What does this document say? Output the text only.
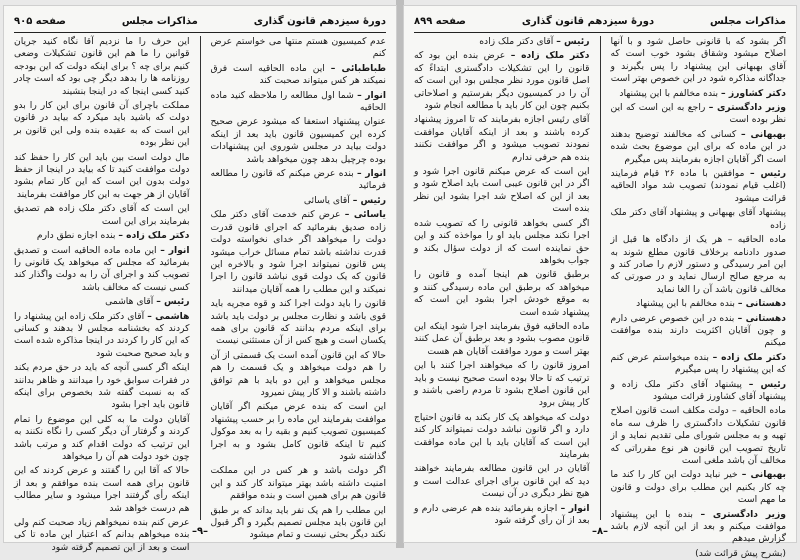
دورهٔ سیزدهم قانون گذاری
مذاکرات مجلس
صفحه ۹۰۵

عدم کمیسیون هستم منتها می خواستم عرض کنم

طباطبائی – این ماده الحاقیه است فرق نمیکند هر کس میتواند صحبت کند

انوار – شما اول مطالعه را ملاحظه کنید ماده الحاقیه

عنوان پیشنهاد استعفا که میشود عرض صحیح کرده این کمیسیون قانون باید بعد از اینکه دولت بیاید در مجلس شوروی این پیشنهادات بوده چرچیل بدهد چون میخواهد باشد

انوار – بنده عرض میکنم که قانون را مطالعه فرمائید

رئیس – آقای یاسائی

یاسائی – عرض کنم خدمت آقای دکتر ملک زاده صدیق بفرمائید که اجرای قانون قدرت دولت را میخواهد اگر خدای نخواسته دولت قدرت نداشته باشد تمام مسائل خراب میشود پس قانون نمیتواند اجرا شود و بالاخره این قانون که یک دولت قوی نباشد قانون را اجرا نمیکند و این مطلب را همه آقایان میدانند

قانون را باید دولت اجرا کند و قوه مجریه باید قوی باشد و نظارت مجلس بر دولت باید باشد برای اینکه مردم بدانند که قانون برای همه یکسان است و هیچ کس از آن مستثنی نیست

حالا که این قانون آمده است یک قسمتی از آن را هم دولت میخواهد و یک قسمت را هم مجلس میخواهد و این دو باید با هم توافق داشته باشند و الا کار پیش نمیرود

این است که بنده عرض میکنم اگر آقایان موافقت بفرمایند این ماده را بر حسب پیشنهاد کمیسیون تصویب کنیم و بقیه را به بعد موکول کنیم تا اینکه قانون کامل بشود و به اجرا گذاشته شود

اگر دولت باشد و هر کس در این مملکت امنیت داشته باشد بهتر میتواند کار کند و این قانون هم برای همین است و بنده موافقم

این مطلب را هم یک نفر باید بداند که بر طبق این قانون باید مجلس تصمیم بگیرد و اگر قبول نکند دیگر بحثی نیست و تمام میشود

این حرف را ما نزدیم آقا نگاه کنید جریان قوانین را ما هم این قانون تشکیلات وضعی کنیم برای چه ؟ برای اینکه دولت که این بودجه روزنامه ها را بدهد دیگر چی بود که است چادر کنید کسی اینجا که در اینجا بنشیند

مملکت باچرای آن قانون برای این کار را بدو دولت که باشید باید میکرد که بیاید در قانون این است که به عقیده بنده ولی این قانون بر این نظر بوده

مال دولت است بین باید این کار را حفظ کند دولت موافقت کنید تا که بیاید در اینجا از حفظ دولت بدون این است که این کار تمام بشود آقایان از هر جهت به این کار موافقت بفرمایند

این است که آقای دکتر ملک زاده هم تصدیق بفرمایند برای این است

دکتر ملک زاده – بنده اجازه نطق دارم

انوار – این ماده ماده الحاقیه است و تصدیق بفرمائید که مجلس که میخواهد یک قانونی را تصویب کند و اجرای آن را به دولت واگذار کند کسی نیست که مخالف باشد

رئیس – آقای هاشمی

هاشمی – آقای دکتر ملک زاده این پیشنهاد را کردند که بخشنامه مجلس لا بدهند و کسانی که این کار را کردند در اینجا مذاکره شده است و باید صحیح صحبت شود

اینکه اگر کسی آنچه که باید در حق مردم بکند در فقرات سوابق خود را میدانند و ظاهر بدانند که به نسبت گفته شد بخصوص برای اینکه قانون باید اجرا بشود

آقایان دولت ما به کلی این موضوع را تمام کردند و گرفتار آن دیگر کسی را نگاه نکنند به این ترتیب که دولت اقدام کند و مرتب باشد چون خود دولت هم آن را میخواهد

حالا که آقا این را گفتند و عرض کردند که این قانون برای همه است بنده موافقم و بعد از اینکه رأی گرفتند اجرا میشود و سایر مطالب هم درست خواهد شد

عرض کنم بنده نمیخواهم زیاد صحبت کنم ولی بنده میخواهم بدانم که اعتبار این ماده تا کی است و بعد از این تصمیم گرفته شود

–۹–
مذاکرات مجلس
دورهٔ سیزدهم قانون گذاری
صفحه ۸۹۹

اگر بشود که با قانونی حاصل شود و با آنها اصلاح میشود وشقاق بشود خوب است که آقای بهبهانی این پیشنهاد را پس بگیرند و جداگانه مذاکره شود در این خصوص بهتر است

دکتر کشاورز – بنده مخالفم با این پیشنهاد

وزیر دادگستری – راجع به این است که این نظر بوده است

بهبهانی – کسانی که مخالفند توضیح بدهند در این ماده که برای این موضوع بحث شده است اگر آقایان اجازه بفرمایند پس میگیرم

رئیس – موافقین با ماده ۲۶ قیام فرمایند (اغلب قیام نمودند) تصویب شد مواد الحاقیه قرائت میشود

پیشنهاد آقای بهبهانی و پیشنهاد آقای دکتر ملک زاده

ماده الحاقیه – هر یک از دادگاه ها قبل از صدور دادنامه برخلاف قانون مطلع شوند به این امر رسیدگی و دستور لازم را صادر کند و به مرجع صالح ارسال نماید و در صورتی که مخالف قانون باشد آن را الغا نماید

دهستانی – بنده مخالفم با این پیشنهاد

دهستانی – بنده در این خصوص عرضی دارم و چون آقایان اکثریت دارند بنده موافقت میکنم

دکتر ملک زاده – بنده میخواستم عرض کنم که این پیشنهاد را پس میگیرم

رئیس – پیشنهاد آقای دکتر ملک زاده و پیشنهاد آقای کشاورز قرائت میشود

ماده الحاقیه – دولت مکلف است قانون اصلاح قانون تشکیلات دادگستری را ظرف سه ماه تهیه و به مجلس شورای ملی تقدیم نماید و از تاریخ تصویب این قانون هر نوع مقرراتی که مخالف آن باشد ملغی است

بهبهانی – خیر نباید دولت این کار را کند ما چه کار بکنیم این مطلب برای دولت و قانون ما مهم است

وزیر دادگستری – بنده با این پیشنهاد موافقت میکنم و بعد از این آنچه لازم باشد گزارش میدهم

(بشرح پیش قرائت شد)

رئیس – آقای دکتر ملک زاده

دکتر ملک زاده – عرض بنده این بود که قانون را این تشکیلات دادگستری ابتداءً که اصل قانون مورد نظر مجلس بود این است که آن را در کمیسیون دیگر بفرستیم و اصلاحاتی بکنیم چون این کار باید با مطالعه انجام شود

آقای رئیس اجازه بفرمایند که تا امروز پیشنهاد کرده باشند و بعد از اینکه آقایان موافقت نمودند تصویب میشود و اگر موافقت نکنند بنده هم حرفی ندارم

این است که عرض میکنم قانون اجرا شود و اگر در این قانون عیبی است باید اصلاح شود و بعد از این که اصلاح شد اجرا بشود این نظر بنده است

اگر کسی بخواهد قانونی را که تصویب شده اجرا نکند مجلس باید او را مواخذه کند و این حق نماینده است که از دولت سؤال بکند و جواب بخواهد

برطبق قانون هم اینجا آمده و قانون را میخواهد که برطبق این ماده رسیدگی کنند و به موقع خودش اجرا بشود این است که پیشنهاد شده است

ماده الحاقیه فوق بفرمایند اجرا شود اینکه این قانون مصوب بشود و بعد برطبق آن عمل کنند بهتر است و مورد موافقت آقایان هم هست

امروز قانون را که میخواهند اجرا کنند با این ترتیب که تا حالا بوده است صحیح نیست و باید این قانون اصلاح بشود تا مردم راضی باشند و کار پیش برود

دولت که میخواهد یک کار بکند به قانون احتیاج دارد و اگر قانون نباشد دولت نمیتواند کار کند این است که آقایان باید با این ماده موافقت بفرمایند

آقایان در این قانون مطالعه بفرمایند خواهند دید که این قانون برای اجرای عدالت است و هیچ نظر دیگری در آن نیست

انوار – اجازه بفرمائید بنده هم عرضی دارم و بعد از آن رأی گرفته شود

–۸–
